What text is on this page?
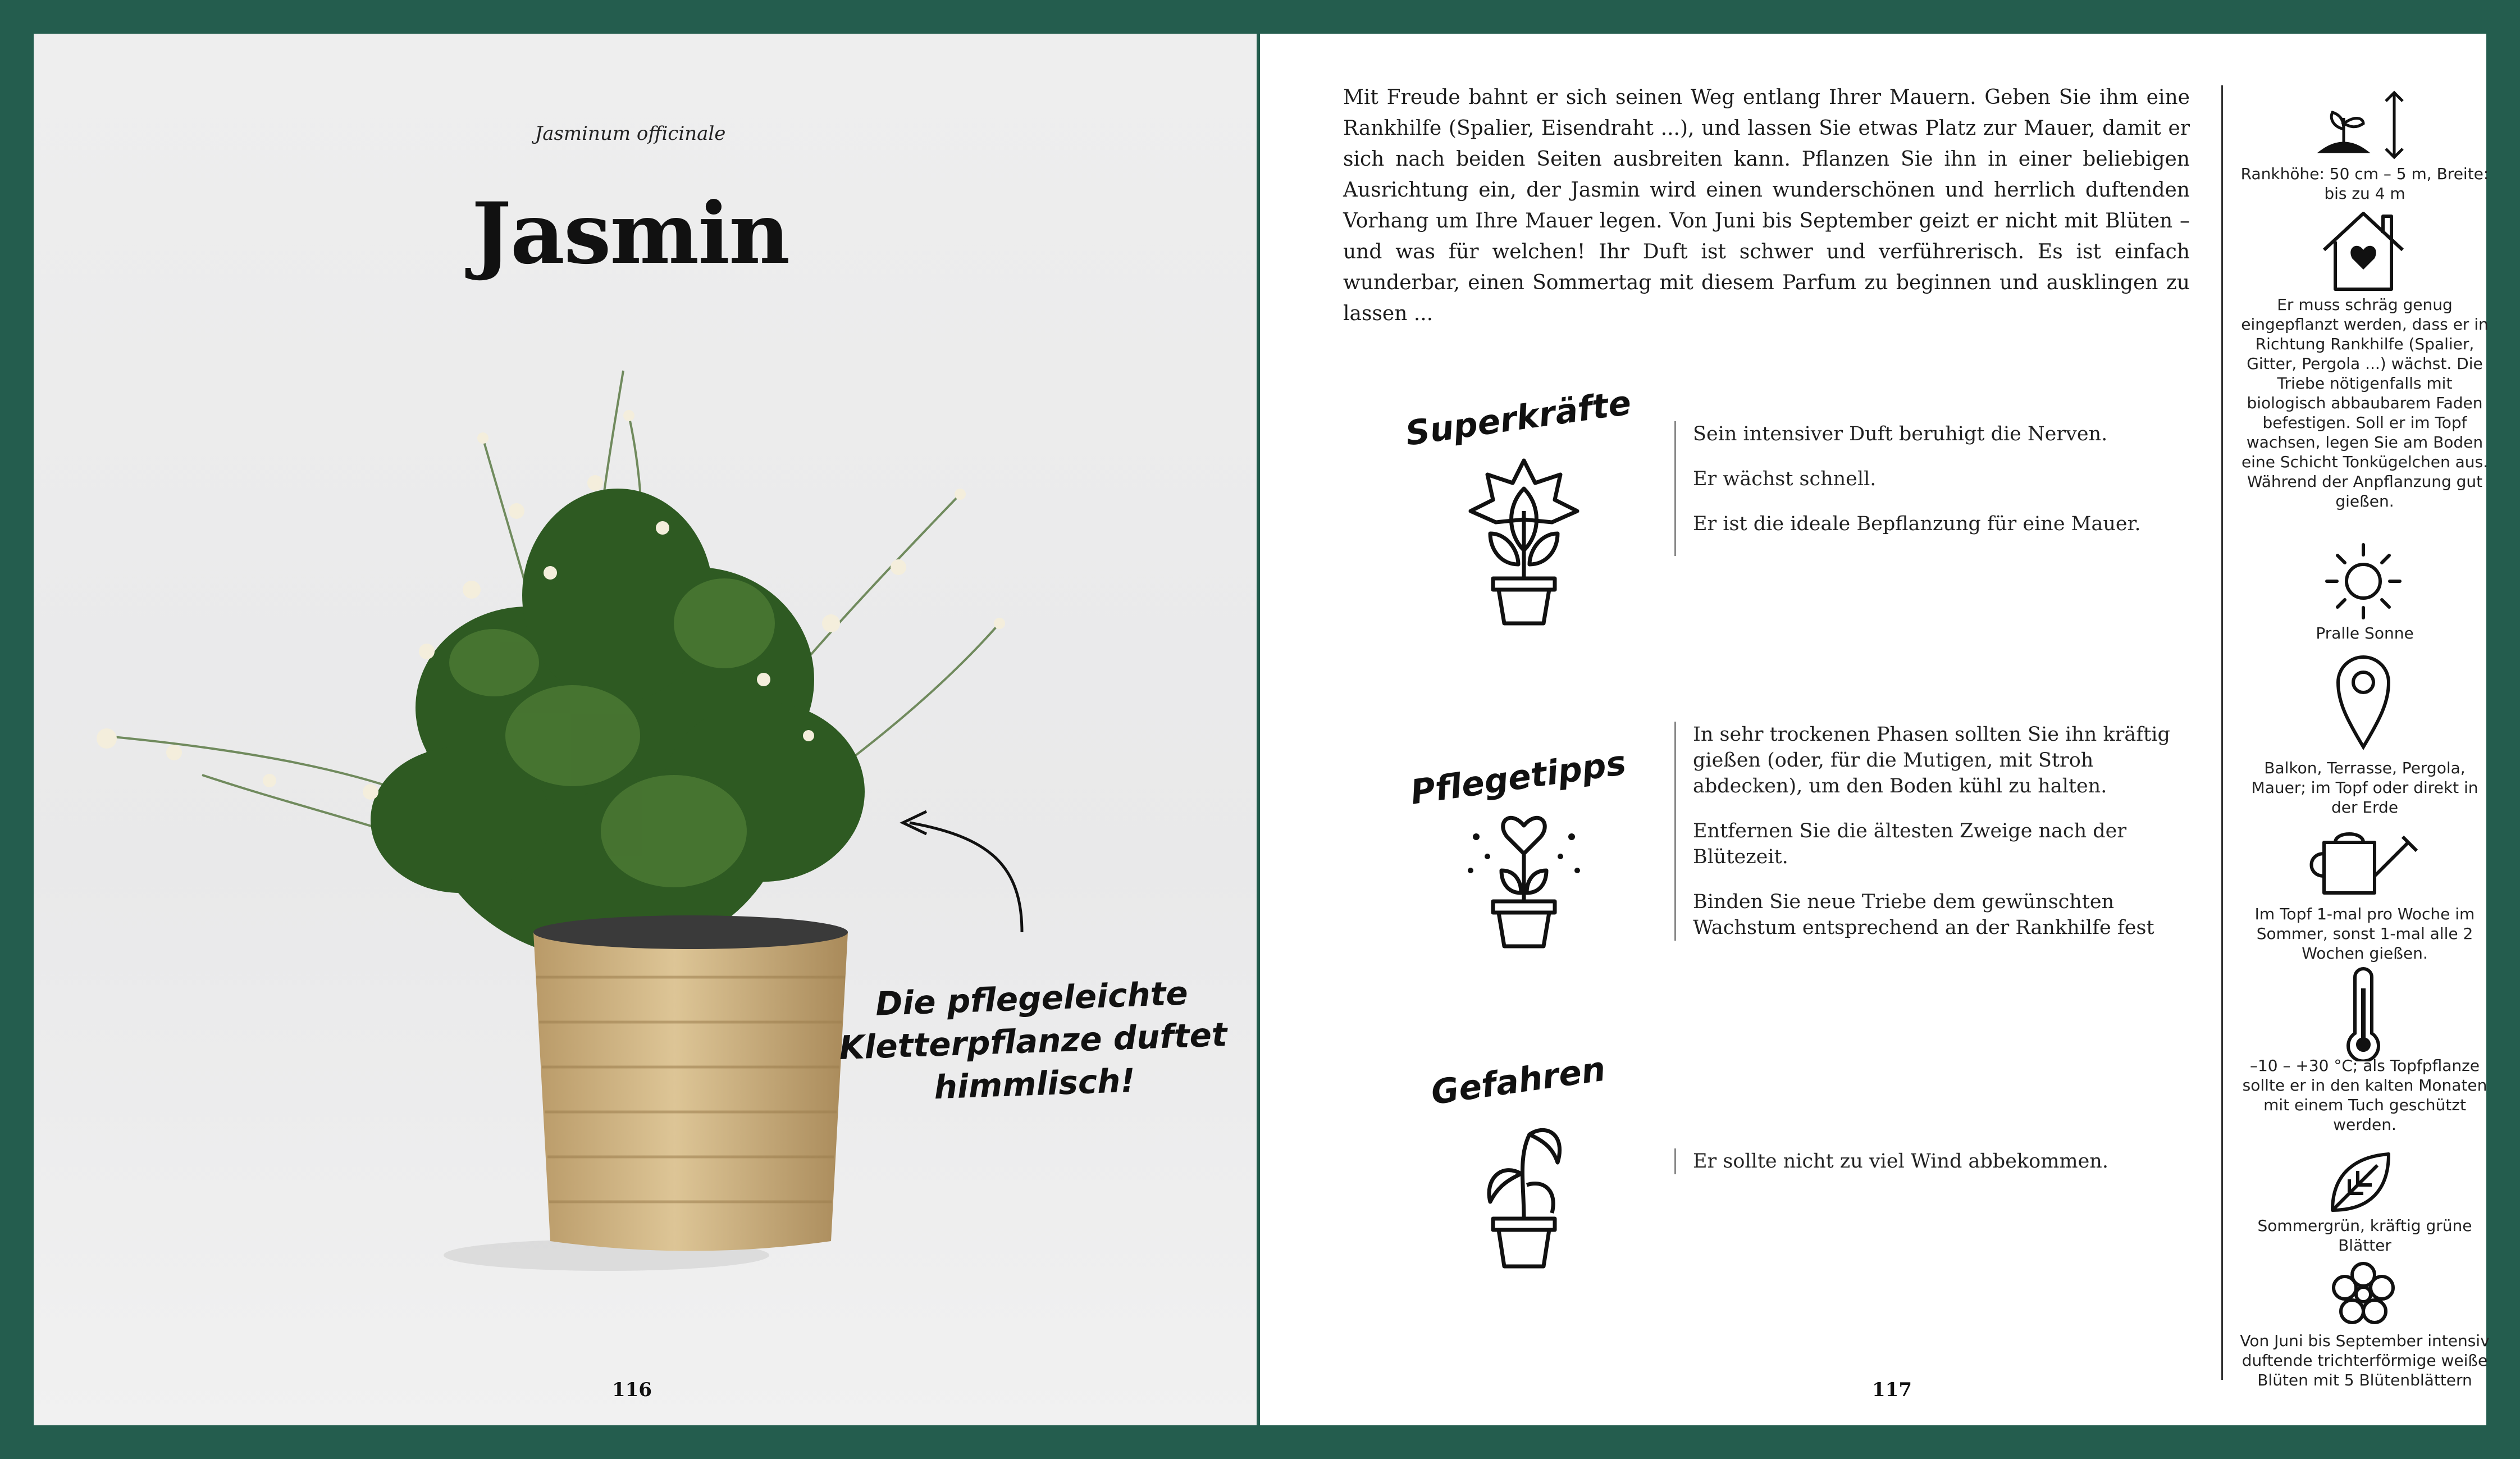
Jasminum officinale
Jasmin
Die pflegeleichte Kletterpflanze duftet himmlisch!
116
Mit Freude bahnt er sich seinen Weg entlang Ihrer Mauern. Geben Sie ihm eine Rankhilfe (Spalier, Eisendraht ...), und lassen Sie etwas Platz zur Mauer, damit er sich nach beiden Seiten ausbreiten kann. Pflanzen Sie ihn in einer beliebigen Ausrichtung ein, der Jasmin wird einen wunderschönen und herrlich duftenden Vorhang um Ihre Mauer legen. Von Juni bis September geizt er nicht mit Blüten – und was für welchen! Ihr Duft ist schwer und verführerisch. Es ist einfach wunderbar, einen Sommertag mit diesem Parfum zu beginnen und ausklingen zu lassen ...
Superkräfte	Sein intensiver Duft beruhigt die Nerven.

Er wächst schnell.

Er ist die ideale Bepflanzung für eine Mauer.

Pflegetipps

In sehr trockenen Phasen sollten Sie ihn kräftig gießen (oder, für die Mutigen, mit Stroh abdecken), um den Boden kühl zu halten.

Entfernen Sie die ältesten Zweige nach der Blütezeit.

Binden Sie neue Triebe dem gewünschten Wachstum entsprechend an der Rankhilfe fest

Gefahren

Er sollte nicht zu viel Wind abbekommen.

Rankhöhe: 50 cm – 5 m, Breite: bis zu 4 m
Er muss schräg genug eingepflanzt werden, dass er in Richtung Rankhilfe (Spalier, Gitter, Pergola ...) wächst. Die Triebe nötigenfalls mit biologisch abbaubarem Faden befestigen. Soll er im Topf wachsen, legen Sie am Boden eine Schicht Tonkügelchen aus. Während der Anpflanzung gut gießen.
Pralle Sonne
Balkon, Terrasse, Pergola, Mauer; im Topf oder direkt in der Erde
Im Topf 1-mal pro Woche im Sommer, sonst 1-mal alle 2 Wochen gießen.
–10 – +30 °C; als Topfpflanze sollte er in den kalten Monaten mit einem Tuch geschützt werden.
Sommergrün, kräftig grüne Blätter
Von Juni bis September intensiv duftende trichterförmige weiße Blüten mit 5 Blütenblättern
117
